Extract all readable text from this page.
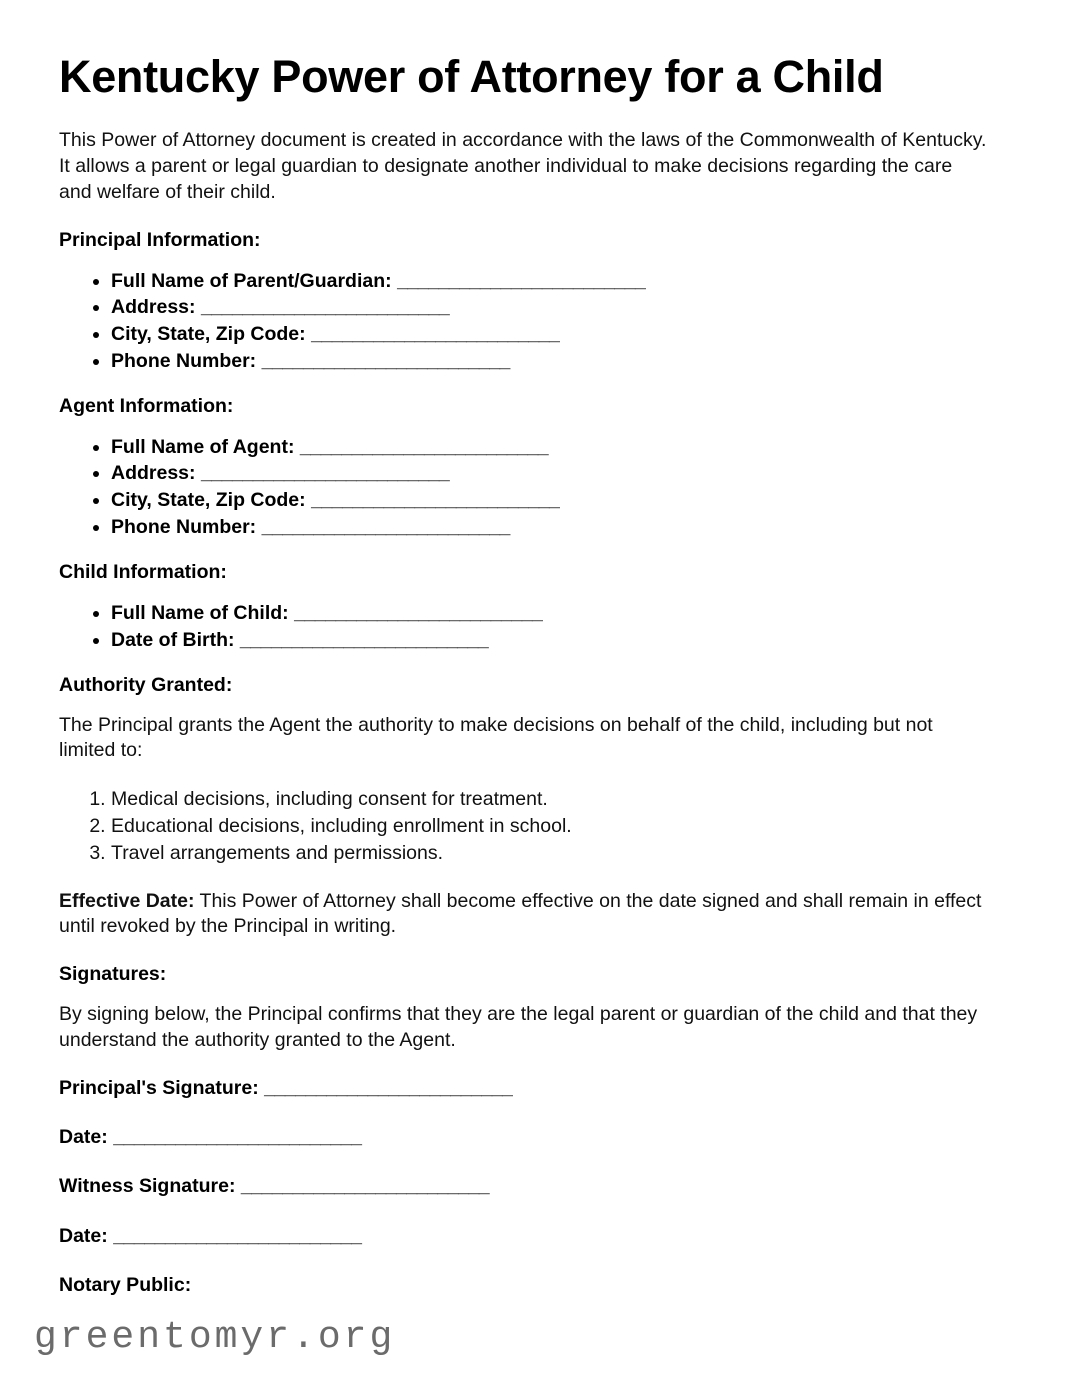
Kentucky Power of Attorney for a Child

This Power of Attorney document is created in accordance with the laws of the Commonwealth of Kentucky. It allows a parent or legal guardian to designate another individual to make decisions regarding the care and welfare of their child.

Principal Information:
• Full Name of Parent/Guardian: ________________________
• Address: ________________________
• City, State, Zip Code: ________________________
• Phone Number: ________________________
Agent Information:
• Full Name of Agent: ________________________
• Address: ________________________
• City, State, Zip Code: ________________________
• Phone Number: ________________________
Child Information:
• Full Name of Child: ________________________
• Date of Birth: ________________________
Authority Granted:

The Principal grants the Agent the authority to make decisions on behalf of the child, including but not limited to:

1. Medical decisions, including consent for treatment.
2. Educational decisions, including enrollment in school.
3. Travel arrangements and permissions.

Effective Date: This Power of Attorney shall become effective on the date signed and shall remain in effect until revoked by the Principal in writing.

Signatures:

By signing below, the Principal confirms that they are the legal parent or guardian of the child and that they understand the authority granted to the Agent.

Principal's Signature: ________________________

Date: ________________________

Witness Signature: ________________________

Date: ________________________

Notary Public:

greentomyr.org
